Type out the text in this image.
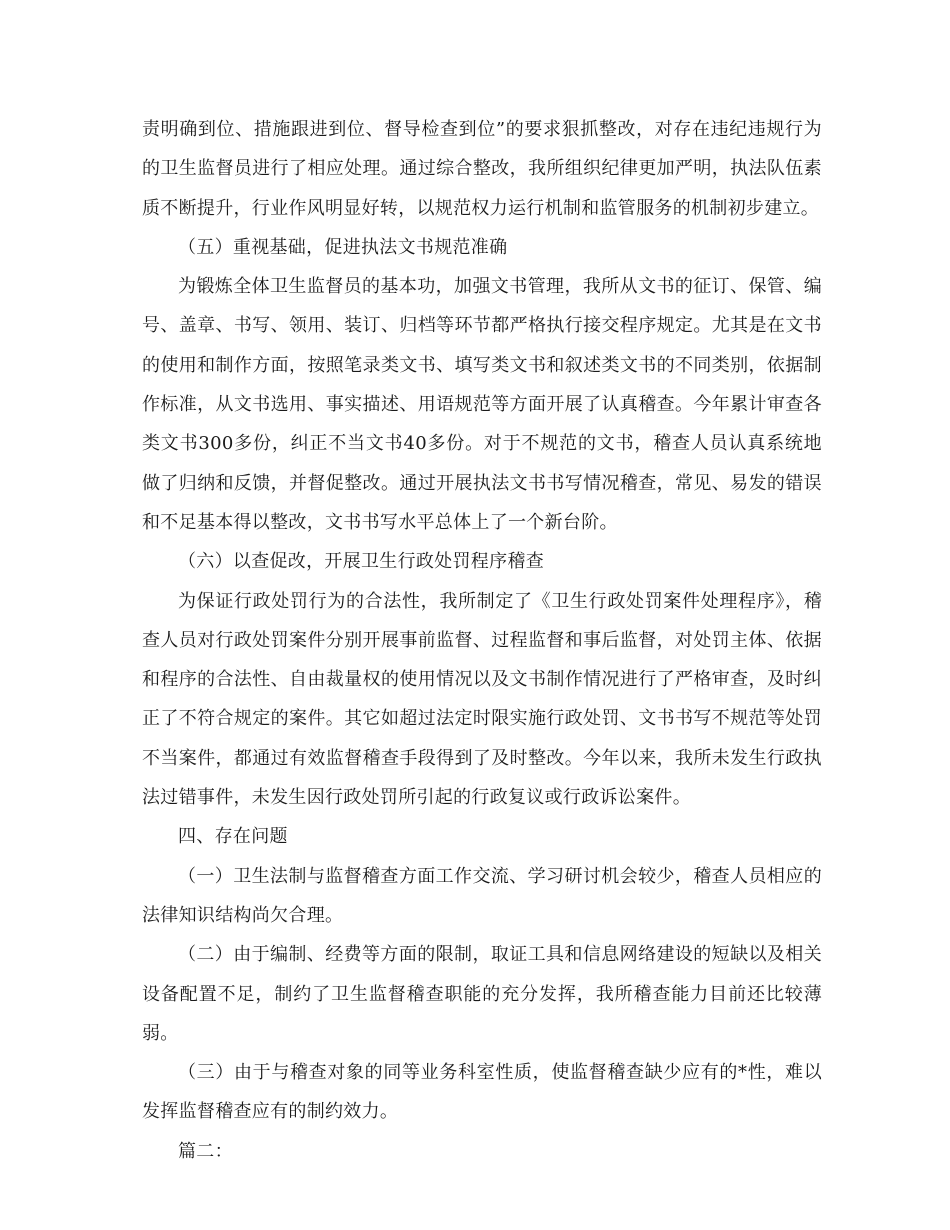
责明确到位、措施跟进到位、督导检查到位”的要求狠抓整改，对存在违纪违规行为的卫生监督员进行了相应处理。通过综合整改，我所组织纪律更加严明，执法队伍素质不断提升，行业作风明显好转，以规范权力运行机制和监管服务的机制初步建立。

（五）重视基础，促进执法文书规范准确

为锻炼全体卫生监督员的基本功，加强文书管理，我所从文书的征订、保管、编号、盖章、书写、领用、装订、归档等环节都严格执行接交程序规定。尤其是在文书的使用和制作方面，按照笔录类文书、填写类文书和叙述类文书的不同类别，依据制作标准，从文书选用、事实描述、用语规范等方面开展了认真稽查。今年累计审查各类文书300多份，纠正不当文书40多份。对于不规范的文书，稽查人员认真系统地做了归纳和反馈，并督促整改。通过开展执法文书书写情况稽查，常见、易发的错误和不足基本得以整改，文书书写水平总体上了一个新台阶。

（六）以查促改，开展卫生行政处罚程序稽查

为保证行政处罚行为的合法性，我所制定了《卫生行政处罚案件处理程序》，稽查人员对行政处罚案件分别开展事前监督、过程监督和事后监督，对处罚主体、依据和程序的合法性、自由裁量权的使用情况以及文书制作情况进行了严格审查，及时纠正了不符合规定的案件。其它如超过法定时限实施行政处罚、文书书写不规范等处罚不当案件，都通过有效监督稽查手段得到了及时整改。今年以来，我所未发生行政执法过错事件，未发生因行政处罚所引起的行政复议或行政诉讼案件。

四、存在问题

（一）卫生法制与监督稽查方面工作交流、学习研讨机会较少，稽查人员相应的法律知识结构尚欠合理。

（二）由于编制、经费等方面的限制，取证工具和信息网络建设的短缺以及相关设备配置不足，制约了卫生监督稽查职能的充分发挥，我所稽查能力目前还比较薄弱。

（三）由于与稽查对象的同等业务科室性质，使监督稽查缺少应有的*性，难以发挥监督稽查应有的制约效力。

篇二：
